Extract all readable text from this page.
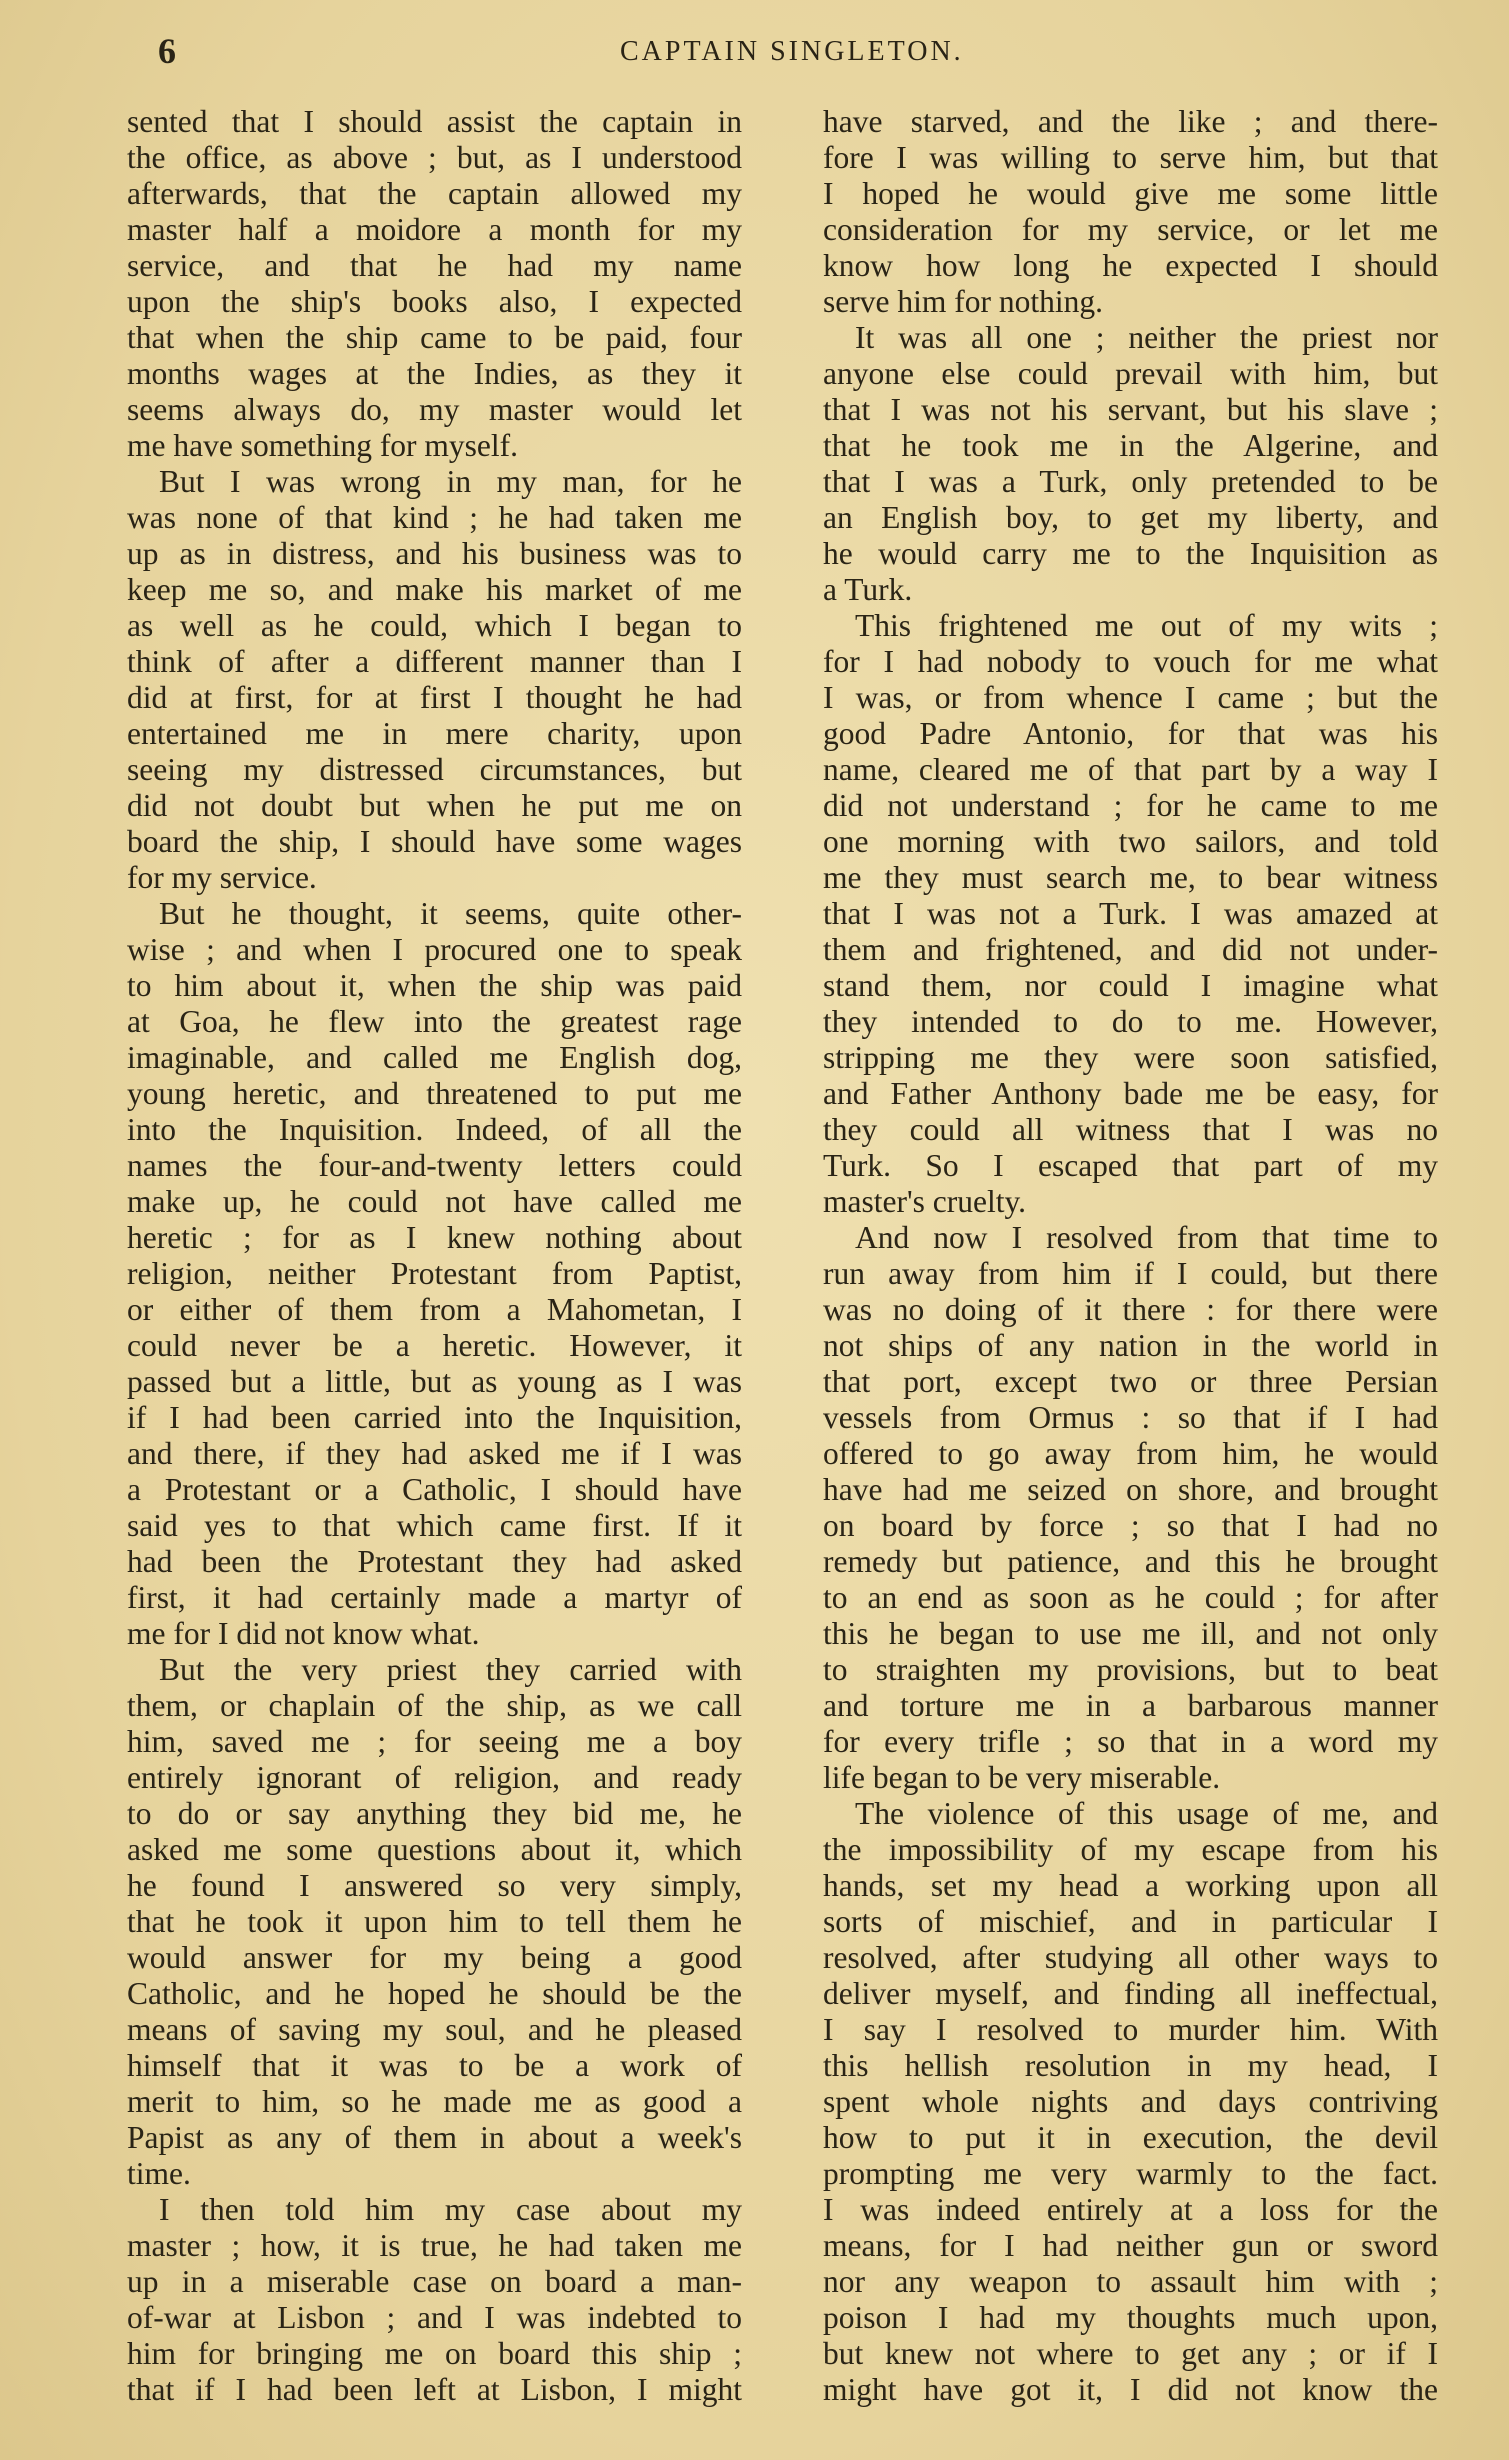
6	CAPTAIN SINGLETON.
sented that I should assist the captain in
the office, as above ; but, as I understood
afterwards, that the captain allowed my
master half a moidore a month for my
service, and that he had my name
upon the ship's books also, I expected
that when the ship came to be paid, four
months wages at the Indies, as they it
seems always do, my master would let
me have something for myself.
But I was wrong in my man, for he
was none of that kind ; he had taken me
up as in distress, and his business was to
keep me so, and make his market of me
as well as he could, which I began to
think of after a different manner than I
did at first, for at first I thought he had
entertained me in mere charity, upon
seeing my distressed circumstances, but
did not doubt but when he put me on
board the ship, I should have some wages
for my service.
But he thought, it seems, quite other-
wise ; and when I procured one to speak
to him about it, when the ship was paid
at Goa, he flew into the greatest rage
imaginable, and called me English dog,
young heretic, and threatened to put me
into the Inquisition. Indeed, of all the
names the four-and-twenty letters could
make up, he could not have called me
heretic ; for as I knew nothing about
religion, neither Protestant from Paptist,
or either of them from a Mahometan, I
could never be a heretic. However, it
passed but a little, but as young as I was
if I had been carried into the Inquisition,
and there, if they had asked me if I was
a Protestant or a Catholic, I should have
said yes to that which came first. If it
had been the Protestant they had asked
first, it had certainly made a martyr of
me for I did not know what.
But the very priest they carried with
them, or chaplain of the ship, as we call
him, saved me ; for seeing me a boy
entirely ignorant of religion, and ready
to do or say anything they bid me, he
asked me some questions about it, which
he found I answered so very simply,
that he took it upon him to tell them he
would answer for my being a good
Catholic, and he hoped he should be the
means of saving my soul, and he pleased
himself that it was to be a work of
merit to him, so he made me as good a
Papist as any of them in about a week's
time.
I then told him my case about my
master ; how, it is true, he had taken me
up in a miserable case on board a man-
of-war at Lisbon ; and I was indebted to
him for bringing me on board this ship ;
that if I had been left at Lisbon, I might
have starved, and the like ; and there-
fore I was willing to serve him, but that
I hoped he would give me some little
consideration for my service, or let me
know how long he expected I should
serve him for nothing.
It was all one ; neither the priest nor
anyone else could prevail with him, but
that I was not his servant, but his slave ;
that he took me in the Algerine, and
that I was a Turk, only pretended to be
an English boy, to get my liberty, and
he would carry me to the Inquisition as
a Turk.
This frightened me out of my wits ;
for I had nobody to vouch for me what
I was, or from whence I came ; but the
good Padre Antonio, for that was his
name, cleared me of that part by a way I
did not understand ; for he came to me
one morning with two sailors, and told
me they must search me, to bear witness
that I was not a Turk. I was amazed at
them and frightened, and did not under-
stand them, nor could I imagine what
they intended to do to me. However,
stripping me they were soon satisfied,
and Father Anthony bade me be easy, for
they could all witness that I was no
Turk. So I escaped that part of my
master's cruelty.
And now I resolved from that time to
run away from him if I could, but there
was no doing of it there : for there were
not ships of any nation in the world in
that port, except two or three Persian
vessels from Ormus : so that if I had
offered to go away from him, he would
have had me seized on shore, and brought
on board by force ; so that I had no
remedy but patience, and this he brought
to an end as soon as he could ; for after
this he began to use me ill, and not only
to straighten my provisions, but to beat
and torture me in a barbarous manner
for every trifle ; so that in a word my
life began to be very miserable.
The violence of this usage of me, and
the impossibility of my escape from his
hands, set my head a working upon all
sorts of mischief, and in particular I
resolved, after studying all other ways to
deliver myself, and finding all ineffectual,
I say I resolved to murder him. With
this hellish resolution in my head, I
spent whole nights and days contriving
how to put it in execution, the devil
prompting me very warmly to the fact.
I was indeed entirely at a loss for the
means, for I had neither gun or sword
nor any weapon to assault him with ;
poison I had my thoughts much upon,
but knew not where to get any ; or if I
might have got it, I did not know the
